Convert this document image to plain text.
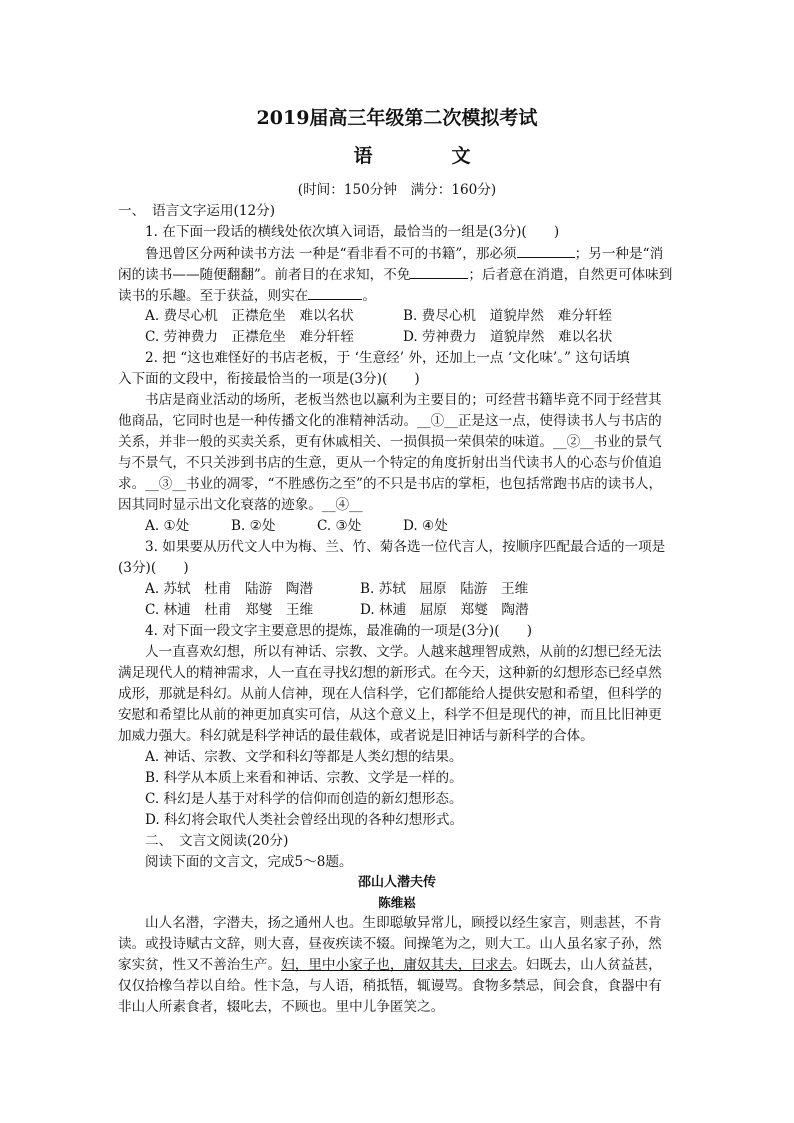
2019届高三年级第二次模拟考试
语　文
(时间：150分钟　满分：160分)
一、　语言文字运用(12分)
1. 在下面一段话的横线处依次填入词语，最恰当的一组是(3分)(　　)
鲁迅曾区分两种读书方法 一种是“看非看不可的书籍”，那必须	；另一种是“消
闲的读书——随便翻翻”。前者目的在求知，不免	；后者意在消遣，自然更可体味到
读书的乐趣。至于获益，则实在	。
A. 费尽心机　正襟危坐　难以名状	B. 费尽心机　道貌岸然　难分轩轾
C. 劳神费力　正襟危坐　难分轩轾	D. 劳神费力　道貌岸然　难以名状
2. 把 “这也难怪好的书店老板，于 ‘生意经’ 外，还加上一点 ‘文化味’。” 这句话填
入下面的文段中，衔接最恰当的一项是(3分)(　　)
书店是商业活动的场所，老板当然也以赢利为主要目的；可经营书籍毕竟不同于经营其
他商品，它同时也是一种传播文化的准精神活动。__①__正是这一点，使得读书人与书店的
关系，并非一般的买卖关系，更有休戚相关、一损俱损一荣俱荣的味道。__②__书业的景气
与不景气，不只关涉到书店的生意，更从一个特定的角度折射出当代读书人的心态与价值追
求。__③__书业的凋零，“不胜感伤之至”的不只是书店的掌柜，也包括常跑书店的读书人，
因其同时显示出文化衰落的迹象。__④__
A. ①处	B. ②处	C. ③处	D. ④处
3. 如果要从历代文人中为梅、兰、竹、菊各选一位代言人，按顺序匹配最合适的一项是
(3分)(　　)
A. 苏轼　杜甫　陆游　陶潜	B. 苏轼　屈原　陆游　王维
C. 林逋　杜甫　郑燮　王维	D. 林逋　屈原　郑燮　陶潜
4. 对下面一段文字主要意思的提炼，最准确的一项是(3分)(　　)
人一直喜欢幻想，所以有神话、宗教、文学。人越来越理智成熟，从前的幻想已经无法
满足现代人的精神需求，人一直在寻找幻想的新形式。在今天，这种新的幻想形态已经卓然
成形，那就是科幻。从前人信神，现在人信科学，它们都能给人提供安慰和希望，但科学的
安慰和希望比从前的神更加真实可信，从这个意义上，科学不但是现代的神，而且比旧神更
加威力强大。科幻就是科学神话的最佳载体，或者说是旧神话与新科学的合体。
A. 神话、宗教、文学和科幻等都是人类幻想的结果。
B. 科学从本质上来看和神话、宗教、文学是一样的。
C. 科幻是人基于对科学的信仰而创造的新幻想形态。
D. 科幻将会取代人类社会曾经出现的各种幻想形式。
二、　文言文阅读(20分)
阅读下面的文言文，完成5～8题。
邵山人潜夫传
陈维崧
山人名潜，字潜夫，扬之通州人也。生即聪敏异常儿，顾授以经生家言，则恚甚，不肯
读。或投诗赋古文辞，则大喜，昼夜疾读不辍。间操笔为之，则大工。山人虽名家子孙，然
家实贫，性又不善治生产。妇，里中小家子也，庸奴其夫，曰求去。妇既去，山人贫益甚，
仅仅拾橡刍荐以自给。性卞急，与人语，稍抵牾，辄谩骂。食物多禁忌，间会食，食器中有
非山人所素食者，辍叱去，不顾也。里中儿争匿笑之。
